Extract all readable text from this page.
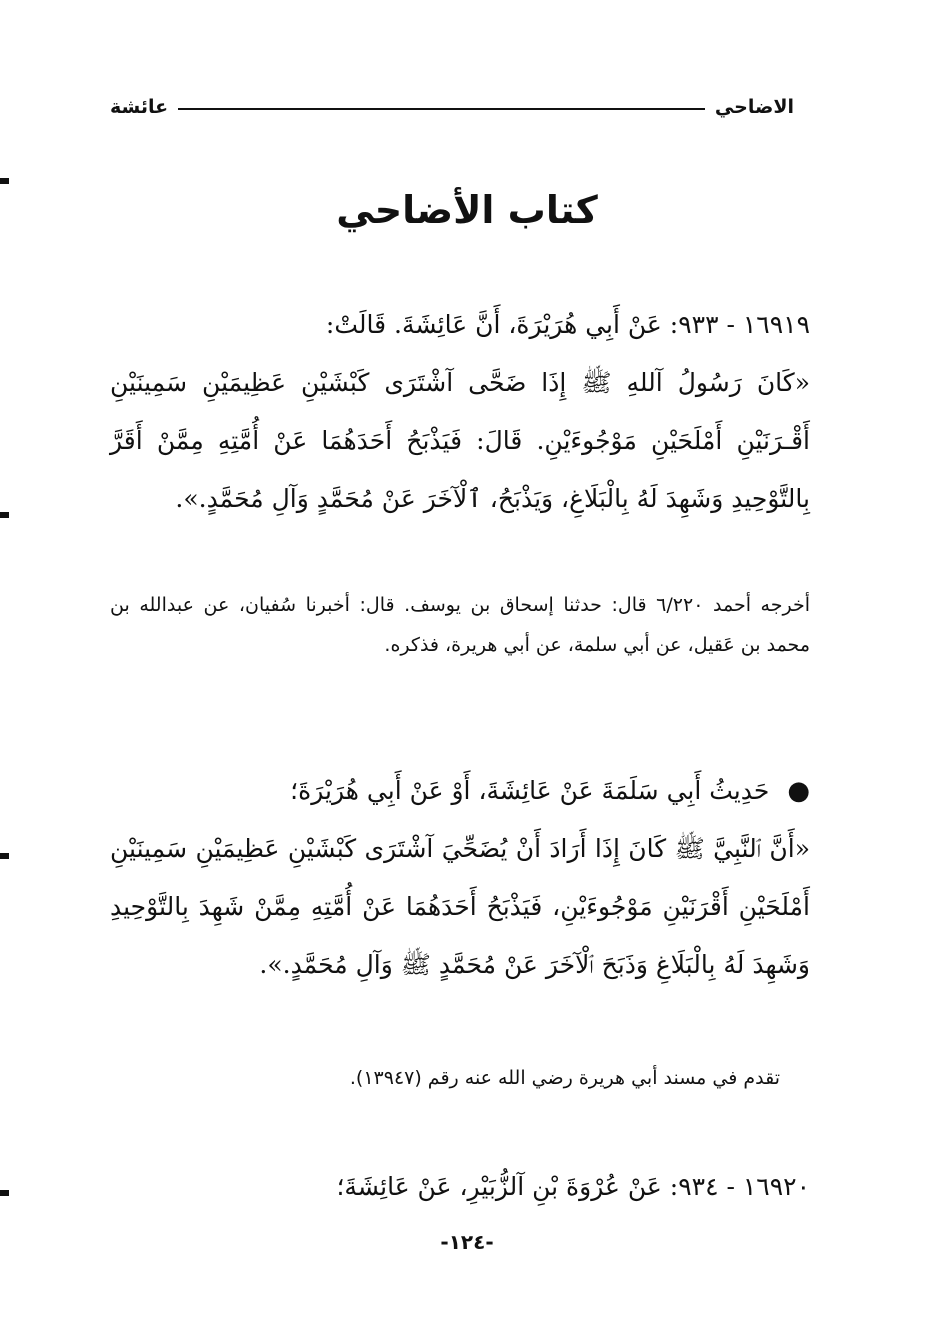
الاضاحي
عائشة
كتاب الأضاحي
١٦٩١٩ - ٩٣٣: عَنْ أَبِي هُرَيْرَةَ، أَنَّ عَائِشَةَ. قَالَتْ:
«كَانَ رَسُولُ آللهِ ﷺ إِذَا ضَحَّى آشْتَرَى كَبْشَيْنِ عَظِيمَيْنِ سَمِينَيْنِ أَقْـرَنَيْنِ أَمْلَحَيْنِ مَوْجُوءَيْنِ. قَالَ: فَيَذْبَحُ أَحَدَهُمَا عَنْ أُمَّتِهِ مِمَّنْ أَقَرَّ بِالتَّوْحِيدِ وَشَهِدَ لَهُ بِالْبَلَاغِ، وَيَذْبَحُ، ٱلْآخَرَ عَنْ مُحَمَّدٍ وَآلِ مُحَمَّدٍ.».
أخرجه أحمد ٦/٢٢٠ قال: حدثنا إسحاق بن يوسف. قال: أخبرنا سُفيان، عن عبدالله بن محمد بن عَقيل، عن أبي سلمة، عن أبي هريرة، فذكره.
● حَدِيثُ أَبِي سَلَمَةَ عَنْ عَائِشَةَ، أَوْ عَنْ أَبِي هُرَيْرَةَ؛
«أَنَّ ٱلنَّبِيَّ ﷺ كَانَ إِذَا أَرَادَ أَنْ يُضَحِّيَ آشْتَرَى كَبْشَيْنِ عَظِيمَيْنِ سَمِينَيْنِ أَمْلَحَيْنِ أَقْرَنَيْنِ مَوْجُوءَيْنِ، فَيَذْبَحُ أَحَدَهُمَا عَنْ أُمَّتِهِ مِمَّنْ شَهِدَ بِالتَّوْحِيدِ وَشَهِدَ لَهُ بِالْبَلَاغِ وَذَبَحَ ٱلْآخَرَ عَنْ مُحَمَّدٍ ﷺ وَآلِ مُحَمَّدٍ.».
تقدم في مسند أبي هريرة رضي الله عنه رقم (١٣٩٤٧).
١٦٩٢٠ - ٩٣٤: عَنْ عُرْوَةَ بْنِ آلزُّبَيْرِ، عَنْ عَائِشَةَ؛
-١٢٤-
